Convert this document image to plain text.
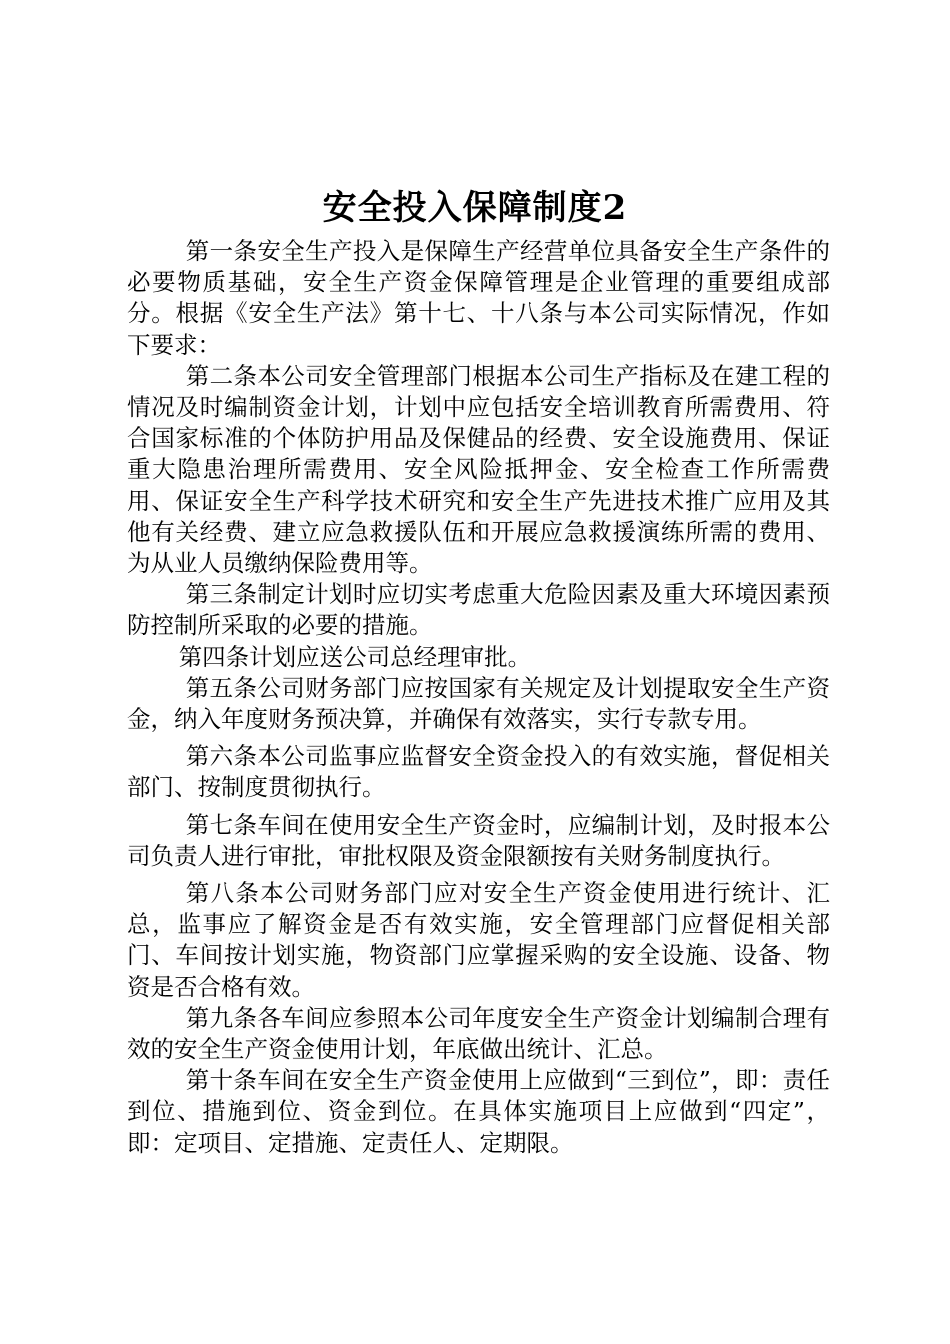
安全投入保障制度2

第一条安全生产投入是保障生产经营单位具备安全生产条件的必要物质基础，安全生产资金保障管理是企业管理的重要组成部分。根据《安全生产法》第十七、十八条与本公司实际情况，作如下要求：

第二条本公司安全管理部门根据本公司生产指标及在建工程的情况及时编制资金计划，计划中应包括安全培训教育所需费用、符合国家标准的个体防护用品及保健品的经费、安全设施费用、保证重大隐患治理所需费用、安全风险抵押金、安全检查工作所需费用、保证安全生产科学技术研究和安全生产先进技术推广应用及其他有关经费、建立应急救援队伍和开展应急救援演练所需的费用、为从业人员缴纳保险费用等。

第三条制定计划时应切实考虑重大危险因素及重大环境因素预防控制所采取的必要的措施。

第四条计划应送公司总经理审批。

第五条公司财务部门应按国家有关规定及计划提取安全生产资金，纳入年度财务预决算，并确保有效落实，实行专款专用。

第六条本公司监事应监督安全资金投入的有效实施，督促相关部门、按制度贯彻执行。

第七条车间在使用安全生产资金时，应编制计划，及时报本公司负责人进行审批，审批权限及资金限额按有关财务制度执行。

第八条本公司财务部门应对安全生产资金使用进行统计、汇总，监事应了解资金是否有效实施，安全管理部门应督促相关部门、车间按计划实施，物资部门应掌握采购的安全设施、设备、物资是否合格有效。

第九条各车间应参照本公司年度安全生产资金计划编制合理有效的安全生产资金使用计划，年底做出统计、汇总。

第十条车间在安全生产资金使用上应做到“三到位”，即：责任到位、措施到位、资金到位。在具体实施项目上应做到“四定”，即：定项目、定措施、定责任人、定期限。
